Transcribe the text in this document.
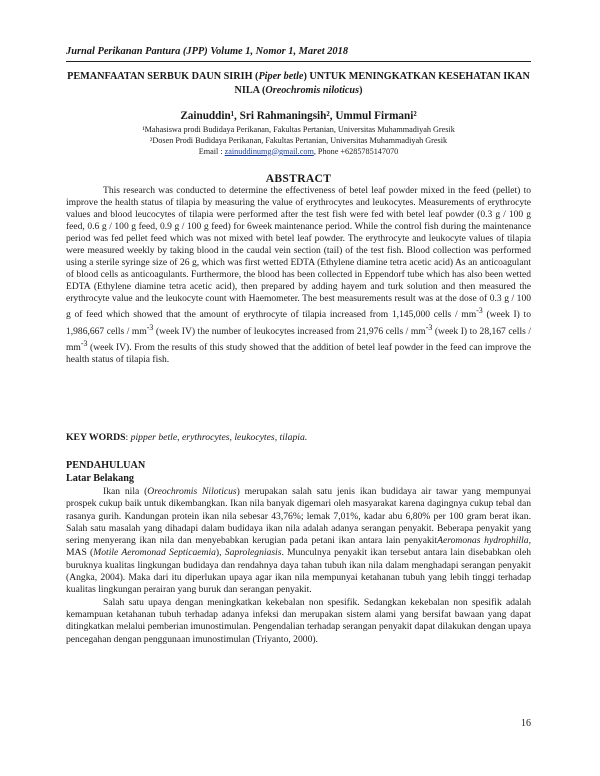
Jurnal Perikanan Pantura (JPP) Volume 1, Nomor 1, Maret 2018
PEMANFAATAN SERBUK DAUN SIRIH (Piper betle) UNTUK MENINGKATKAN KESEHATAN IKAN NILA (Oreochromis niloticus)
Zainuddin¹, Sri Rahmaningsih², Ummul Firmani²
¹Mahasiswa prodi Budidaya Perikanan, Fakultas Pertanian, Universitas Muhammadiyah Gresik
²Dosen Prodi Budidaya Perikanan, Fakultas Pertanian, Universitas Muhammadiyah Gresik
Email : zainuddinumg@gmail.com, Phone +6285785147070
ABSTRACT
This research was conducted to determine the effectiveness of betel leaf powder mixed in the feed (pellet) to improve the health status of tilapia by measuring the value of erythrocytes and leukocytes. Measurements of erythrocyte values and blood leucocytes of tilapia were performed after the test fish were fed with betel leaf powder (0.3 g / 100 g feed, 0.6 g / 100 g feed, 0.9 g / 100 g feed) for 6week maintenance period. While the control fish during the maintenance period was fed pellet feed which was not mixed with betel leaf powder. The erythrocyte and leukocyte values of tilapia were measured weekly by taking blood in the caudal vein section (tail) of the test fish. Blood collection was performed using a sterile syringe size of 26 g, which was first wetted EDTA (Ethylene diamine tetra acetic acid) As an anticoagulant of blood cells as anticoagulants. Furthermore, the blood has been collected in Eppendorf tube which has also been wetted EDTA (Ethylene diamine tetra acetic acid), then prepared by adding hayem and turk solution and then measured the erythrocyte value and the leukocyte count with Haemometer. The best measurements result was at the dose of 0.3 g / 100 g of feed which showed that the amount of erythrocyte of tilapia increased from 1,145,000 cells / $mm^{-3}$ (week I) to 1,986,667 cells / $mm^{-3}$ (week IV) the number of leukocytes increased from 21,976 cells / $mm^{-3}$ (week I) to 28,167 cells / $mm^{-3}$ (week IV). From the results of this study showed that the addition of betel leaf powder in the feed can improve the health status of tilapia fish.
KEY WORDS: pipper betle, erythrocytes, leukocytes, tilapia.
PENDAHULUAN
Latar Belakang

Ikan nila (Oreochromis Niloticus) merupakan salah satu jenis ikan budidaya air tawar yang mempunyai prospek cukup baik untuk dikembangkan. Ikan nila banyak digemari oleh masyarakat karena dagingnya cukup tebal dan rasanya gurih. Kandungan protein ikan nila sebesar 43,76%; lemak 7,01%, kadar abu 6,80% per 100 gram berat ikan. Salah satu masalah yang dihadapi dalam budidaya ikan nila adalah adanya serangan penyakit. Beberapa penyakit yang sering menyerang ikan nila dan menyebabkan kerugian pada petani ikan antara lain penyakitAeromonas hydrophilla, MAS (Motile Aeromonad Septicaemia), Saprolegniasis. Munculnya penyakit ikan tersebut antara lain disebabkan oleh buruknya kualitas lingkungan budidaya dan rendahnya daya tahan tubuh ikan nila dalam menghadapi serangan penyakit (Angka, 2004). Maka dari itu diperlukan upaya agar ikan nila mempunyai ketahanan tubuh yang lebih tinggi terhadap kualitas lingkungan perairan yang buruk dan serangan penyakit.

Salah satu upaya dengan meningkatkan kekebalan non spesifik. Sedangkan kekebalan non spesifik adalah kemampuan ketahanan tubuh terhadap adanya infeksi dan merupakan sistem alami yang bersifat bawaan yang dapat ditingkatkan melalui pemberian imunostimulan. Pengendalian terhadap serangan penyakit dapat dilakukan dengan upaya pencegahan dengan penggunaan imunostimulan (Triyanto, 2000).

16
